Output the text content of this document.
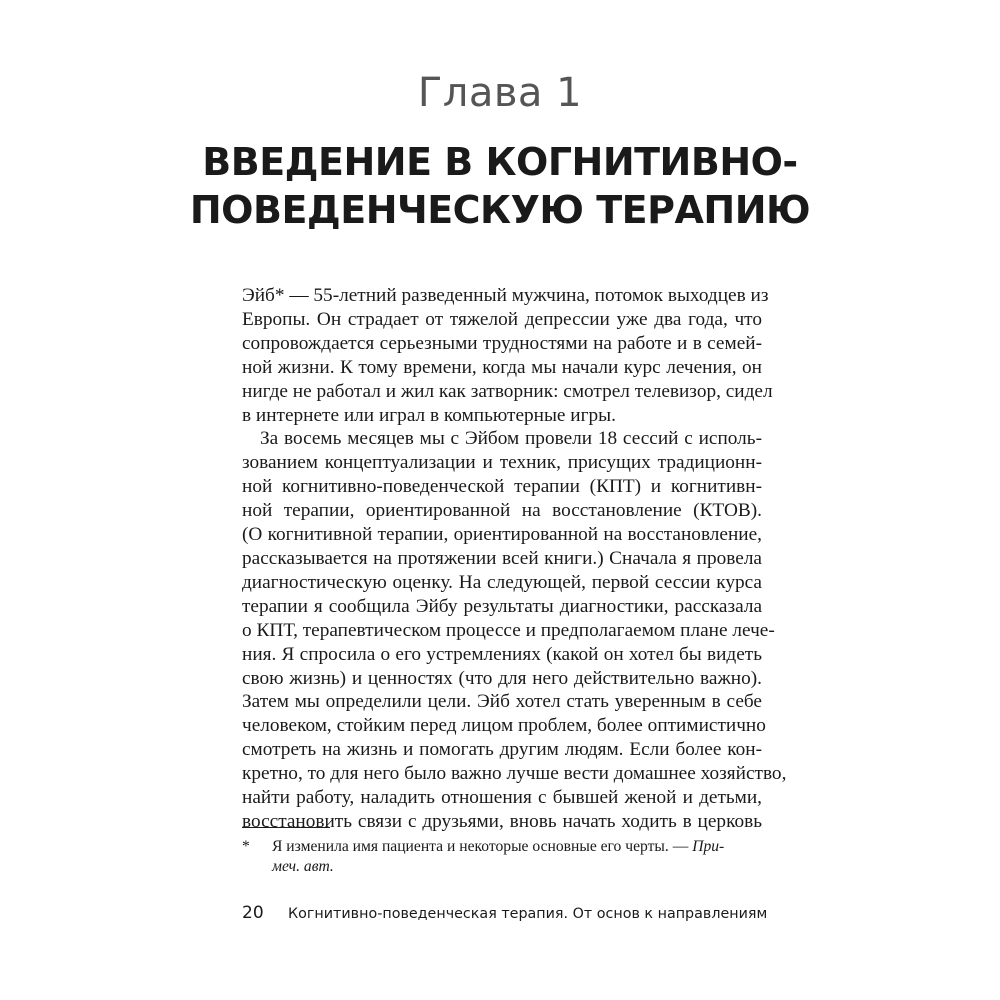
Глава 1
ВВЕДЕНИЕ В КОГНИТИВНО-
ПОВЕДЕНЧЕСКУЮ ТЕРАПИЮ
Эйб* — 55-летний разведенный мужчина, потомок выходцев из
Европы. Он страдает от тяжелой депрессии уже два года, что
сопровождается серьезными трудностями на работе и в семей-
ной жизни. К тому времени, когда мы начали курс лечения, он
нигде не работал и жил как затворник: смотрел телевизор, сидел
в интернете или играл в компьютерные игры.
За восемь месяцев мы с Эйбом провели 18 сессий с исполь-
зованием концептуализации и техник, присущих традиционн-
ной когнитивно-поведенческой терапии (КПТ) и когнитивн-
ной терапии, ориентированной на восстановление (КТОВ).
(О когнитивной терапии, ориентированной на восстановление,
рассказывается на протяжении всей книги.) Сначала я провела
диагностическую оценку. На следующей, первой сессии курса
терапии я сообщила Эйбу результаты диагностики, рассказала
о КПТ, терапевтическом процессе и предполагаемом плане лече-
ния. Я спросила о его устремлениях (какой он хотел бы видеть
свою жизнь) и ценностях (что для него действительно важно).
Затем мы определили цели. Эйб хотел стать уверенным в себе
человеком, стойким перед лицом проблем, более оптимистично
смотреть на жизнь и помогать другим людям. Если более кон-
кретно, то для него было важно лучше вести домашнее хозяйство,
найти работу, наладить отношения с бывшей женой и детьми,
восстановить связи с друзьями, вновь начать ходить в церковь
* Я изменила имя пациента и некоторые основные его черты. — При-
меч. авт.
20 Когнитивно-поведенческая терапия. От основ к направлениям
